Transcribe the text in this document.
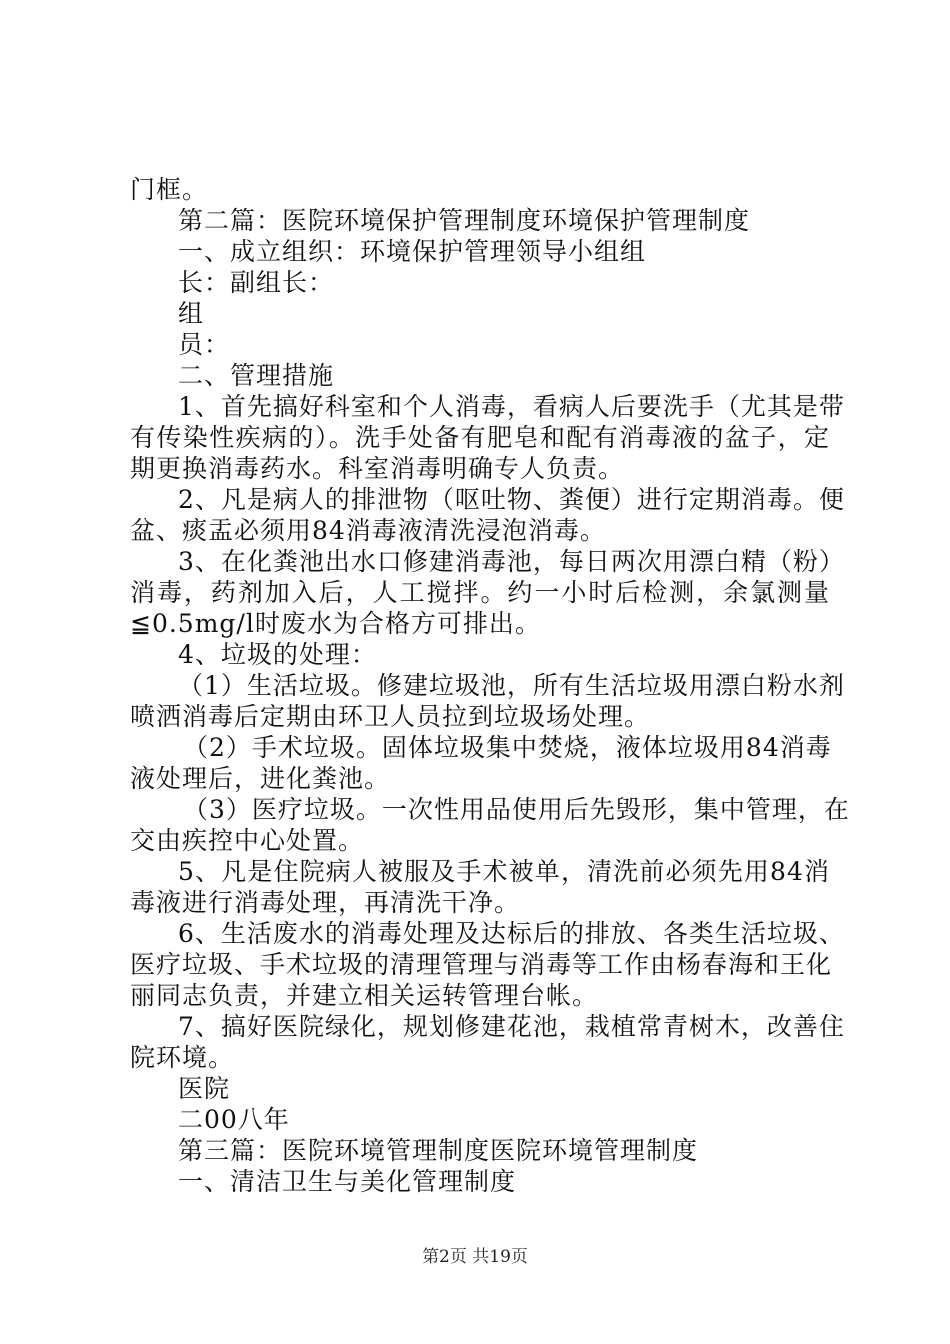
门框。
第二篇：医院环境保护管理制度环境保护管理制度
一、成立组织：环境保护管理领导小组组
长：副组长：
组
员：
二、管理措施
1、首先搞好科室和个人消毒，看病人后要洗手（尤其是带
有传染性疾病的）。洗手处备有肥皂和配有消毒液的盆子，定
期更换消毒药水。科室消毒明确专人负责。
2、凡是病人的排泄物（呕吐物、粪便）进行定期消毒。便
盆、痰盂必须用84消毒液清洗浸泡消毒。
3、在化粪池出水口修建消毒池，每日两次用漂白精（粉）
消毒，药剂加入后，人工搅拌。约一小时后检测，余氯测量
≦0.5mg/l时废水为合格方可排出。
4、垃圾的处理：
（1）生活垃圾。修建垃圾池，所有生活垃圾用漂白粉水剂
喷洒消毒后定期由环卫人员拉到垃圾场处理。
（2）手术垃圾。固体垃圾集中焚烧，液体垃圾用84消毒
液处理后，进化粪池。
（3）医疗垃圾。一次性用品使用后先毁形，集中管理，在
交由疾控中心处置。
5、凡是住院病人被服及手术被单，清洗前必须先用84消
毒液进行消毒处理，再清洗干净。
6、生活废水的消毒处理及达标后的排放、各类生活垃圾、
医疗垃圾、手术垃圾的清理管理与消毒等工作由杨春海和王化
丽同志负责，并建立相关运转管理台帐。
7、搞好医院绿化，规划修建花池，栽植常青树木，改善住
院环境。
医院
二00八年
第三篇：医院环境管理制度医院环境管理制度
一、清洁卫生与美化管理制度
第2页 共19页
